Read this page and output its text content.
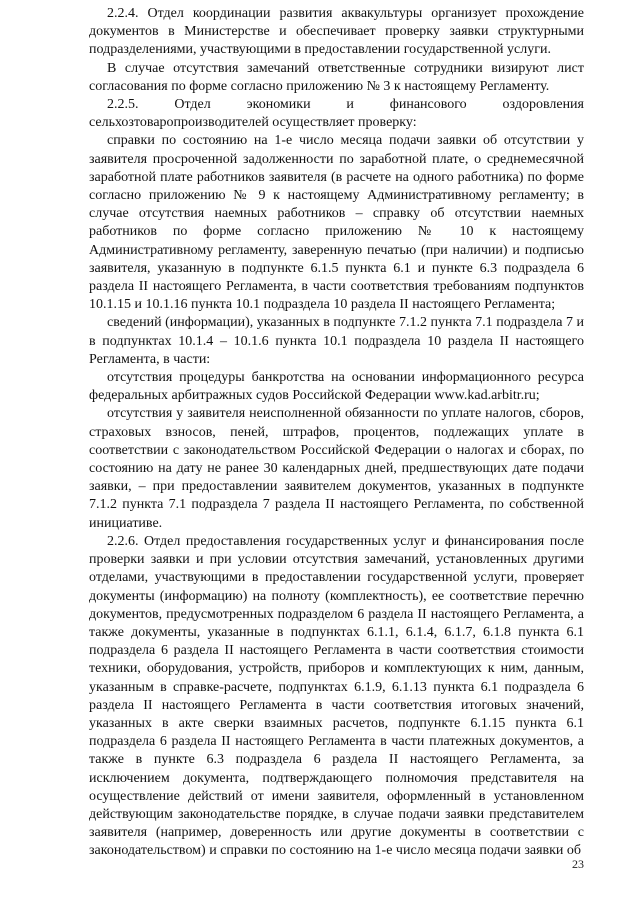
2.2.4. Отдел координации развития аквакультуры организует прохождение документов в Министерстве и обеспечивает проверку заявки структурными подразделениями, участвующими в предоставлении государственной услуги.

В случае отсутствия замечаний ответственные сотрудники визируют лист согласования по форме согласно приложению № 3 к настоящему Регламенту.

2.2.5. Отдел экономики и финансового оздоровления сельхозтоваропроизводителей осуществляет проверку:

справки по состоянию на 1-е число месяца подачи заявки об отсутствии у заявителя просроченной задолженности по заработной плате, о среднемесячной заработной плате работников заявителя (в расчете на одного работника) по форме согласно приложению № 9 к настоящему Административному регламенту; в случае отсутствия наемных работников – справку об отсутствии наемных работников по форме согласно приложению № 10 к настоящему Административному регламенту, заверенную печатью (при наличии) и подписью заявителя, указанную в подпункте 6.1.5 пункта 6.1 и пункте 6.3 подраздела 6 раздела II настоящего Регламента, в части соответствия требованиям подпунктов 10.1.15 и 10.1.16 пункта 10.1 подраздела 10 раздела II настоящего Регламента;

сведений (информации), указанных в подпункте 7.1.2 пункта 7.1 подраздела 7 и в подпунктах 10.1.4 – 10.1.6 пункта 10.1 подраздела 10 раздела II настоящего Регламента, в части:

отсутствия процедуры банкротства на основании информационного ресурса федеральных арбитражных судов Российской Федерации www.kad.arbitr.ru;

отсутствия у заявителя неисполненной обязанности по уплате налогов, сборов, страховых взносов, пеней, штрафов, процентов, подлежащих уплате в соответствии с законодательством Российской Федерации о налогах и сборах, по состоянию на дату не ранее 30 календарных дней, предшествующих дате подачи заявки, – при предоставлении заявителем документов, указанных в подпункте 7.1.2 пункта 7.1 подраздела 7 раздела II настоящего Регламента, по собственной инициативе.

2.2.6. Отдел предоставления государственных услуг и финансирования после проверки заявки и при условии отсутствия замечаний, установленных другими отделами, участвующими в предоставлении государственной услуги, проверяет документы (информацию) на полноту (комплектность), ее соответствие перечню документов, предусмотренных подразделом 6 раздела II настоящего Регламента, а также документы, указанные в подпунктах 6.1.1, 6.1.4, 6.1.7, 6.1.8 пункта 6.1 подраздела 6 раздела II настоящего Регламента в части соответствия стоимости техники, оборудования, устройств, приборов и комплектующих к ним, данным, указанным в справке-расчете, подпунктах 6.1.9, 6.1.13 пункта 6.1 подраздела 6 раздела II настоящего Регламента в части соответствия итоговых значений, указанных в акте сверки взаимных расчетов, подпункте 6.1.15 пункта 6.1 подраздела 6 раздела II настоящего Регламента в части платежных документов, а также в пункте 6.3 подраздела 6 раздела II настоящего Регламента, за исключением документа, подтверждающего полномочия представителя на осуществление действий от имени заявителя, оформленный в установленном действующим законодательстве порядке, в случае подачи заявки представителем заявителя (например, доверенность или другие документы в соответствии с законодательством) и справки по состоянию на 1-е число месяца подачи заявки об

23
